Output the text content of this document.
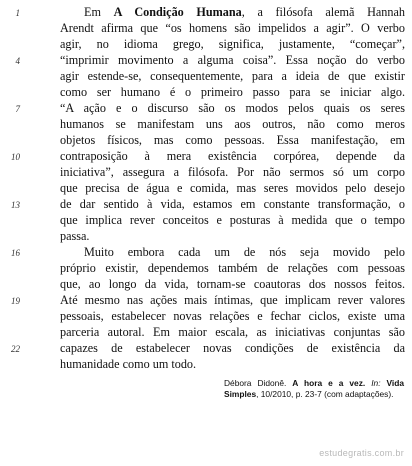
1
4
7
10
13
16
19
22
Em A Condição Humana, a filósofa alemã Hannah
Arendt afirma que “os homens são impelidos a agir”. O verbo
agir, no idioma grego, significa, justamente, “começar”,
“imprimir movimento a alguma coisa”. Essa noção do verbo
agir estende-se, consequentemente, para a ideia de que existir
como ser humano é o primeiro passo para se iniciar algo.
“A ação e o discurso são os modos pelos quais os seres
humanos se manifestam uns aos outros, não como meros
objetos físicos, mas como pessoas. Essa manifestação, em
contraposição à mera existência corpórea, depende da
iniciativa”, assegura a filósofa. Por não sermos só um corpo
que precisa de água e comida, mas seres movidos pelo desejo
de dar sentido à vida, estamos em constante transformação, o
que implica rever conceitos e posturas à medida que o tempo
passa.
Muito embora cada um de nós seja movido pelo
próprio existir, dependemos também de relações com pessoas
que, ao longo da vida, tornam-se coautoras dos nossos feitos.
Até mesmo nas ações mais íntimas, que implicam rever valores
pessoais, estabelecer novas relações e fechar ciclos, existe uma
parceria autoral. Em maior escala, as iniciativas conjuntas são
capazes de estabelecer novas condições de existência da
humanidade como um todo.
Débora Didonê. A hora e a vez. In: Vida Simples, 10/2010, p. 23-7 (com adaptações).
estudegratis.com.br
